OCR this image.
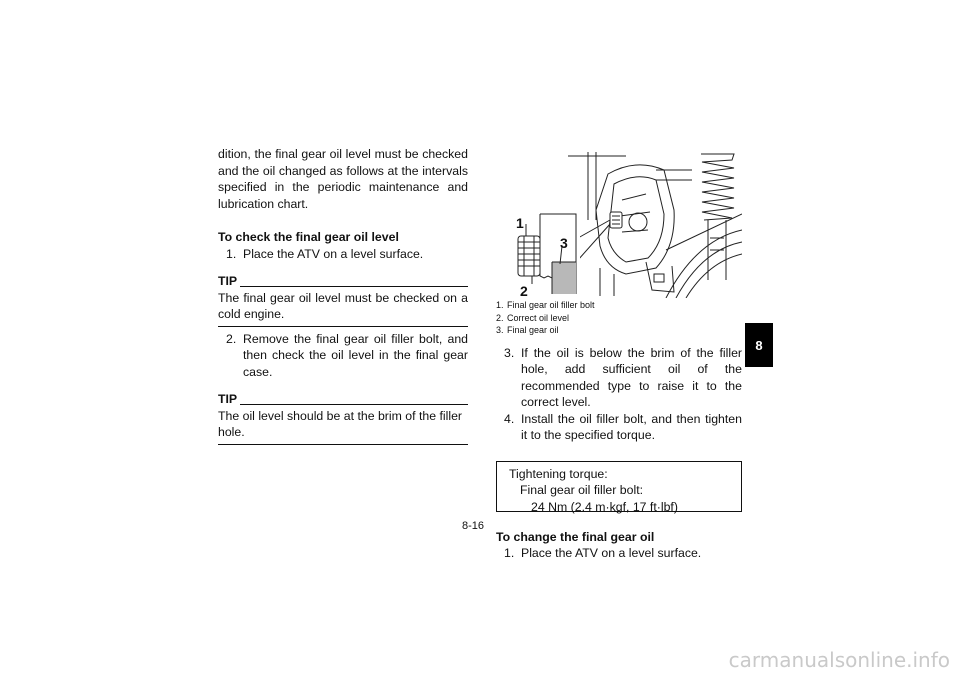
dition, the final gear oil level must be checked and the oil changed as follows at the intervals specified in the periodic maintenance and lubrication chart.

To check the final gear oil level

1. Place the ATV on a level surface.
TIP

The final gear oil level must be checked on a cold engine.

2. Remove the final gear oil filler bolt, and then check the oil level in the final gear case.
TIP

The oil level should be at the brim of the filler hole.

1
2
3
1. Final gear oil filler bolt
2. Correct oil level
3. Final gear oil
3. If the oil is below the brim of the filler hole, add sufficient oil of the recommended type to raise it to the correct level.
4. Install the oil filler bolt, and then tighten it to the specified torque.
Tightening torque:
Final gear oil filler bolt:
24 Nm (2.4 m·kgf, 17 ft·lbf)

To change the final gear oil

1. Place the ATV on a level surface.
8-16
8
carmanualsonline.info
